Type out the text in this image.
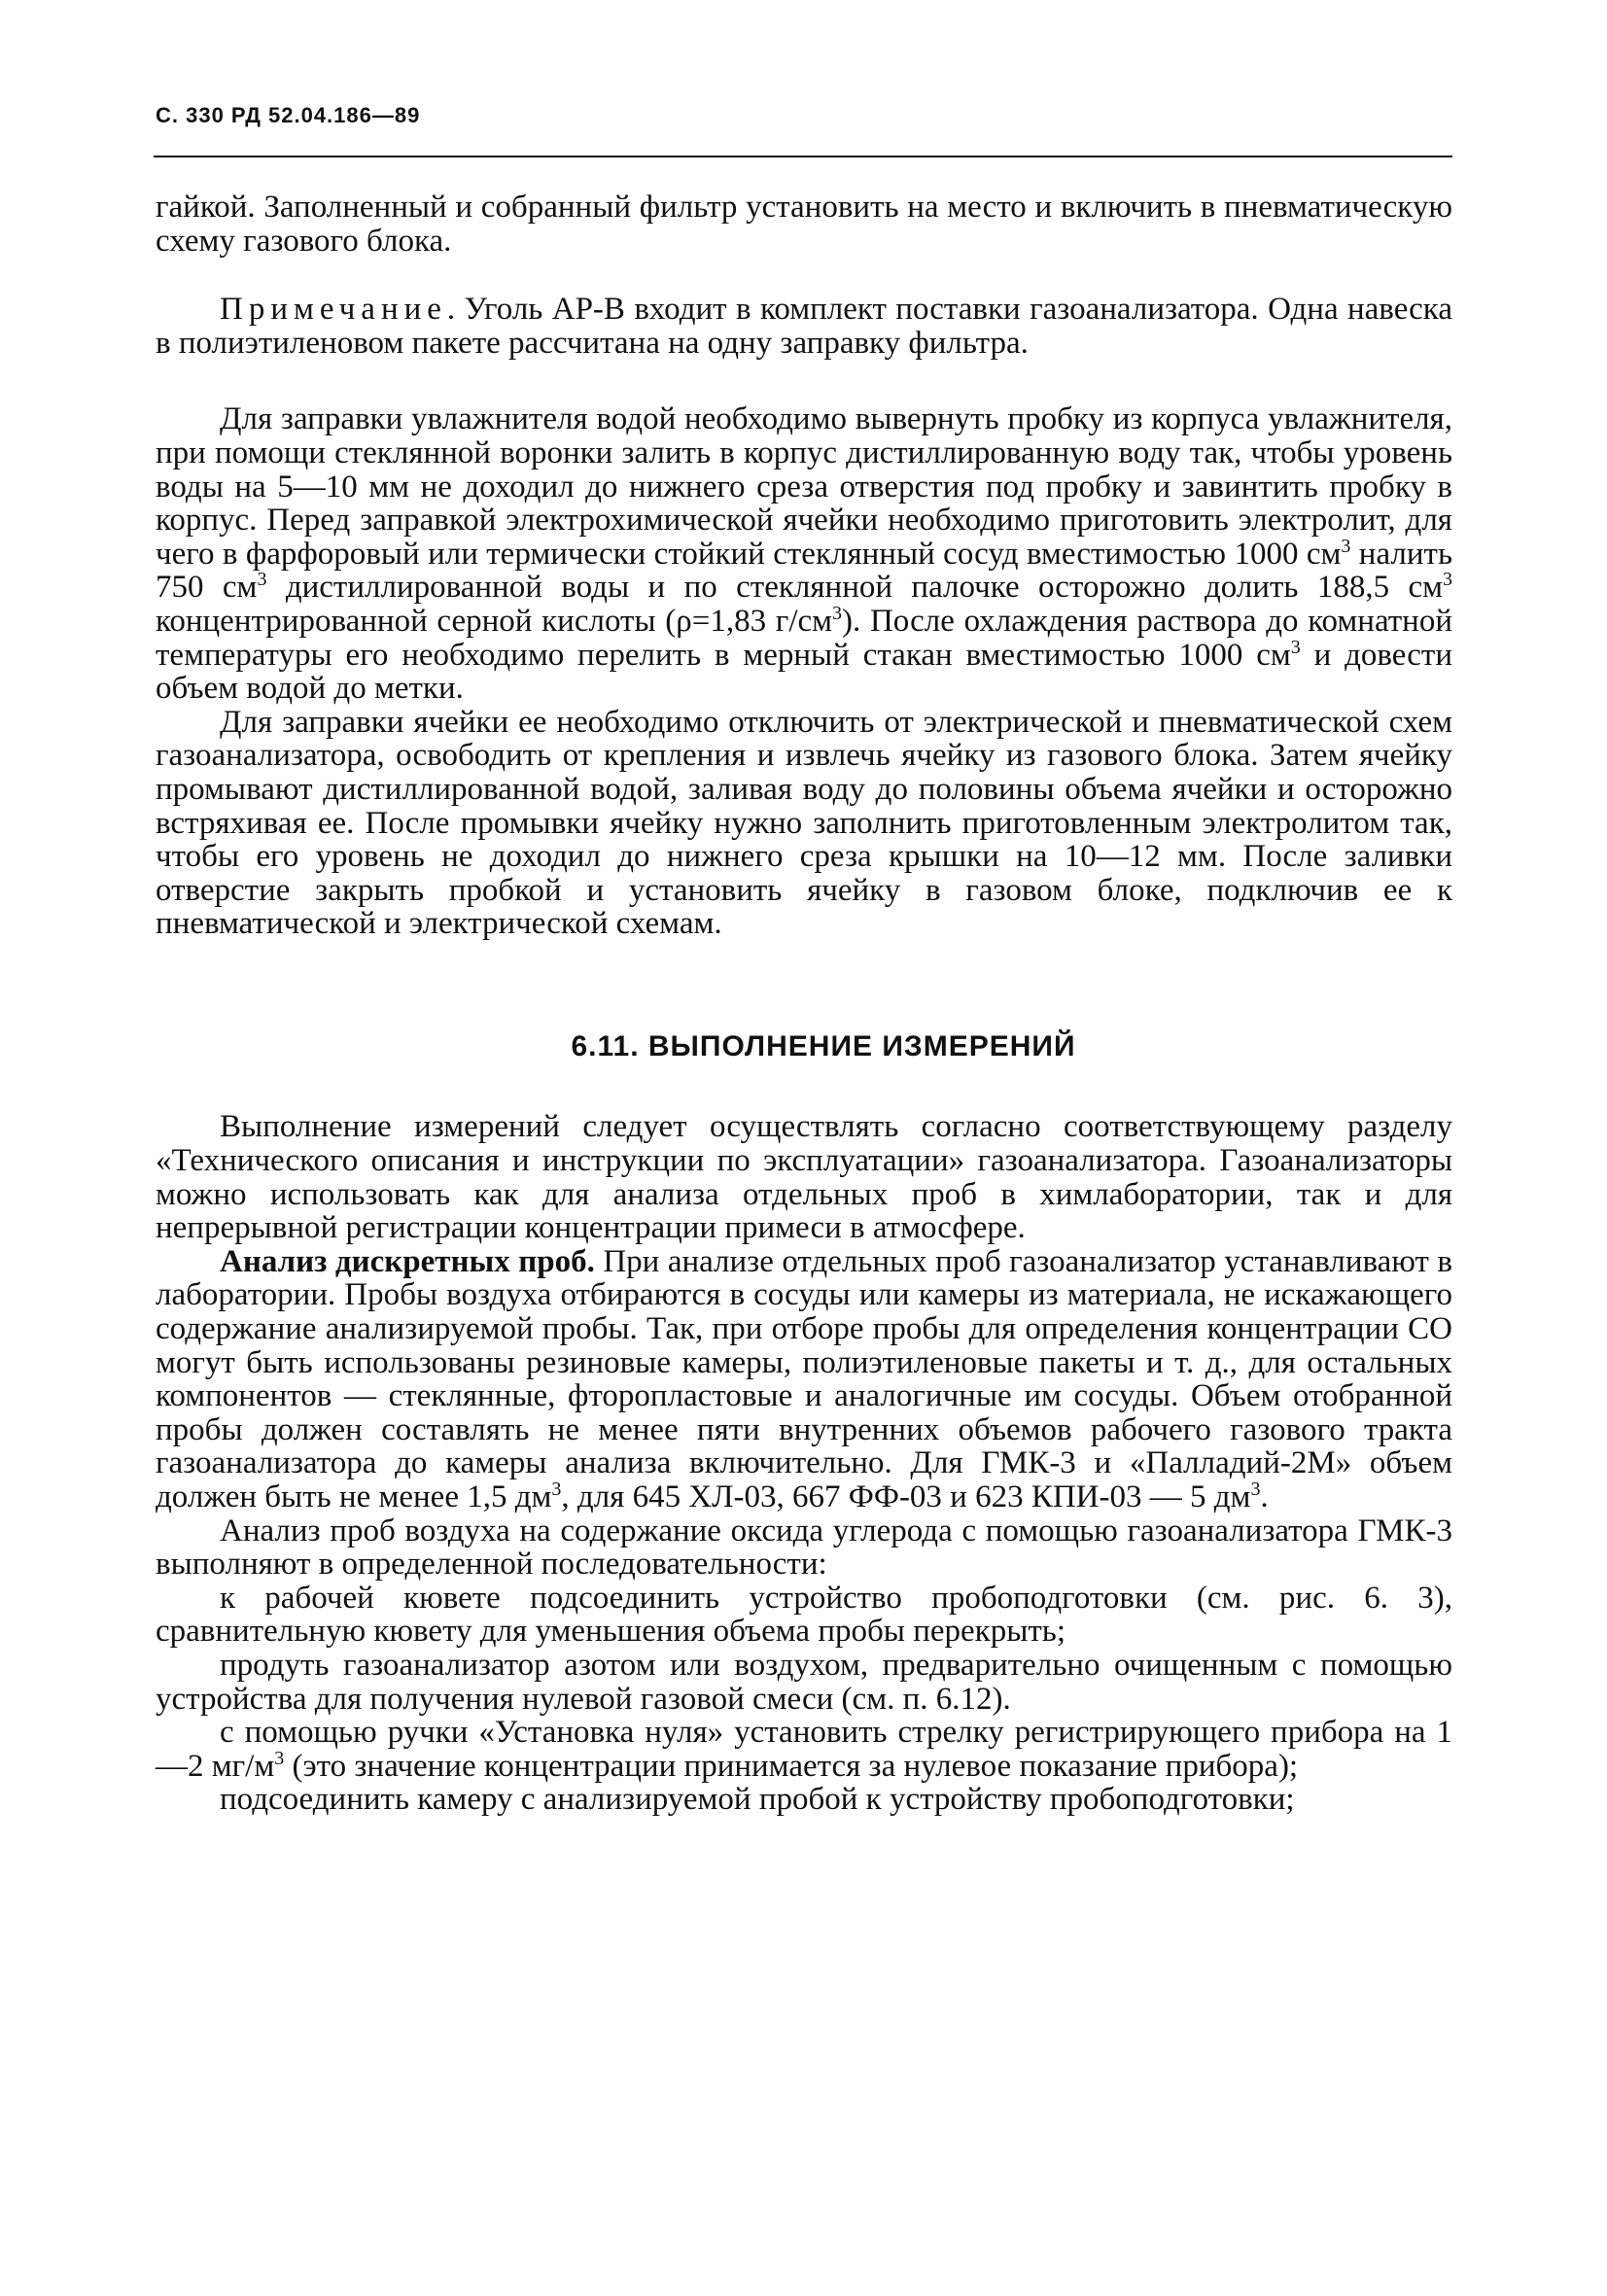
С. 330 РД 52.04.186—89

гайкой. Заполненный и собранный фильтр установить на место и включить в пневматическую схему газового блока.

Примечание. Уголь АР-В входит в комплект поставки газоанализатора. Одна навеска в полиэтиленовом пакете рассчитана на одну заправку фильтра.

Для заправки увлажнителя водой необходимо вывернуть пробку из корпуса увлажнителя, при помощи стеклянной воронки залить в корпус дистиллированную воду так, чтобы уровень воды на 5—10 мм не доходил до нижнего среза отверстия под пробку и завинтить пробку в корпус. Перед заправкой электрохимической ячейки необходимо приготовить электролит, для чего в фарфоровый или термически стойкий стеклянный сосуд вместимостью 1000 $см^3$ налить 750 $см^3$ дистиллированной воды и по стеклянной палочке осторожно долить 188,5 $см^3$ концентрированной серной кислоты (ρ=1,83 $г/см^3$). После охлаждения раствора до комнатной температуры его необходимо перелить в мерный стакан вместимостью 1000 $см^3$ и довести объем водой до метки.

Для заправки ячейки ее необходимо отключить от электрической и пневматической схем газоанализатора, освободить от крепления и извлечь ячейку из газового блока. Затем ячейку промывают дистиллированной водой, заливая воду до половины объема ячейки и осторожно встряхивая ее. После промывки ячейку нужно заполнить приготовленным электролитом так, чтобы его уровень не доходил до нижнего среза крышки на 10—12 мм. После заливки отверстие закрыть пробкой и установить ячейку в газовом блоке, подключив ее к пневматической и электрической схемам.

6.11. ВЫПОЛНЕНИЕ ИЗМЕРЕНИЙ

Выполнение измерений следует осуществлять согласно соответствующему разделу «Технического описания и инструкции по эксплуатации» газоанализатора. Газоанализаторы можно использовать как для анализа отдельных проб в химлаборатории, так и для непрерывной регистрации концентрации примеси в атмосфере.

Анализ дискретных проб. При анализе отдельных проб газоанализатор устанавливают в лаборатории. Пробы воздуха отбираются в сосуды или камеры из материала, не искажающего содержание анализируемой пробы. Так, при отборе пробы для определения концентрации СО могут быть использованы резиновые камеры, полиэтиленовые пакеты и т. д., для остальных компонентов — стеклянные, фторопластовые и аналогичные им сосуды. Объем отобранной пробы должен составлять не менее пяти внутренних объемов рабочего газового тракта газоанализатора до камеры анализа включительно. Для ГМК-3 и «Палладий-2М» объем должен быть не менее 1,5 $дм^3$, для 645 ХЛ-03, 667 ФФ-03 и 623 КПИ-03 — 5 $дм^3$.

Анализ проб воздуха на содержание оксида углерода с помощью газоанализатора ГМК-3 выполняют в определенной последовательности:

к рабочей кювете подсоединить устройство пробоподготовки (см. рис. 6. 3), сравнительную кювету для уменьшения объема пробы перекрыть;

продуть газоанализатор азотом или воздухом, предварительно очищенным с помощью устройства для получения нулевой газовой смеси (см. п. 6.12).

с помощью ручки «Установка нуля» установить стрелку регистрирующего прибора на 1—2 $мг/м^3$ (это значение концентрации принимается за нулевое показание прибора);

подсоединить камеру с анализируемой пробой к устройству пробоподготовки;
